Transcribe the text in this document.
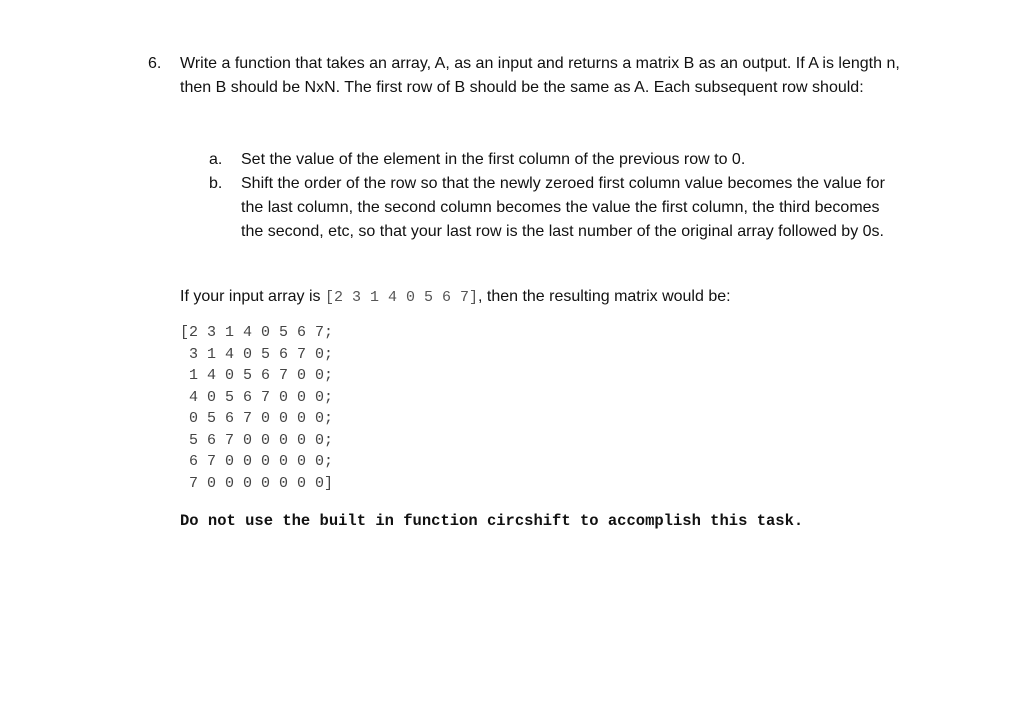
6. Write a function that takes an array, A, as an input and returns a matrix B as an output. If A is length n, then B should be NxN. The first row of B should be the same as A. Each subsequent row should:
a.	Set the value of the element in the first column of the previous row to 0.
b.	Shift the order of the row so that the newly zeroed first column value becomes the value for the last column, the second column becomes the value the first column, the third becomes the second, etc, so that your last row is the last number of the original array followed by 0s.
If your input array is [2 3 1 4 0 5 6 7], then the resulting matrix would be:
[2 3 1 4 0 5 6 7;
3 1 4 0 5 6 7 0;
1 4 0 5 6 7 0 0;
4 0 5 6 7 0 0 0;
0 5 6 7 0 0 0 0;
5 6 7 0 0 0 0 0;
6 7 0 0 0 0 0 0;
7 0 0 0 0 0 0 0]
Do not use the built in function circshift to accomplish this task.
